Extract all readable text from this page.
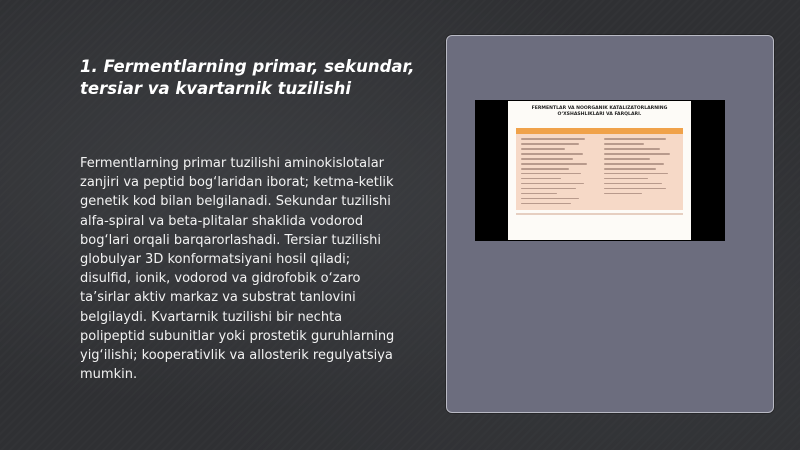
1. Fermentlarning primar, sekundar, tersiar va kvartarnik tuzilishi

Fermentlarning primar tuzilishi aminokislotalar zanjiri va peptid bog‘laridan iborat; ketma-ketlik genetik kod bilan belgilanadi. Sekundar tuzilishi alfa-spiral va beta-plitalar shaklida vodorod bog‘lari orqali barqarorlashadi. Tersiar tuzilishi globulyar 3D konformatsiyani hosil qiladi; disulfid, ionik, vodorod va gidrofobik o‘zaro ta’sirlar aktiv markaz va substrat tanlovini belgilaydi. Kvartarnik tuzilishi bir nechta polipeptid subunitlar yoki prostetik guruhlarning yig‘ilishi; kooperativlik va allosterik regulyatsiya mumkin.

FERMENTLAR VA NOORGANIK KATALIZATORLARNING O‘XSHASHLIKLARI VA FARQLARI.
